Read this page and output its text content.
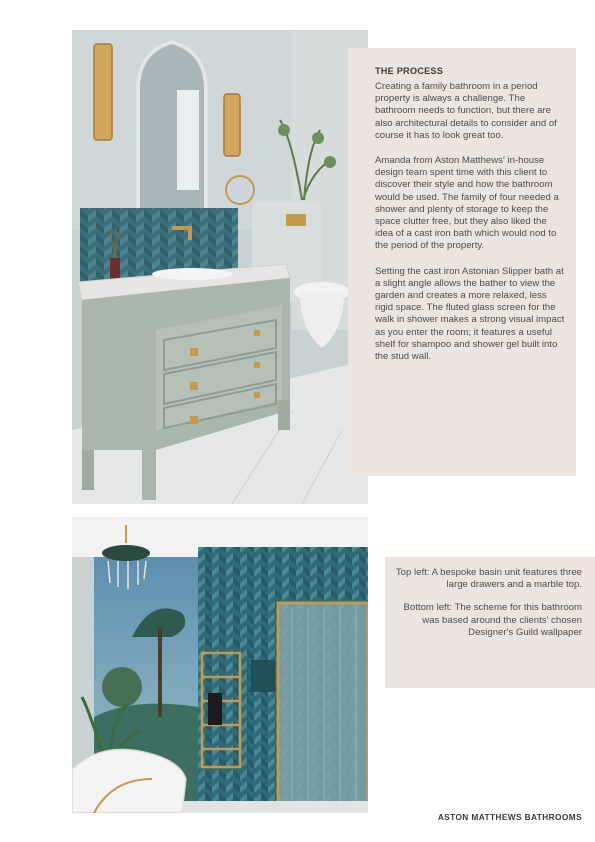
THE PROCESS

Creating a family bathroom in a period property is always a challenge. The bathroom needs to function, but there are also architectural details to consider and of course it has to look great too.

Amanda from Aston Matthews' in-house design team spent time with this client to discover their style and how the bathroom would be used. The family of four needed a shower and plenty of storage to keep the space clutter free, but they also liked the idea of a cast iron bath which would nod to the period of the property.

Setting the cast iron Astonian Slipper bath at a slight angle allows the bather to view the garden and creates a more relaxed, less rigid space. The fluted glass screen for the walk in shower makes a strong visual impact as you enter the room; it features a useful shelf for shampoo and shower gel built into the stud wall.

Top left: A bespoke basin unit features three large drawers and a marble top.

Bottom left: The scheme for this bathroom was based around the clients' chosen Designer's Guild wallpaper

ASTON MATTHEWS BATHROOMS
